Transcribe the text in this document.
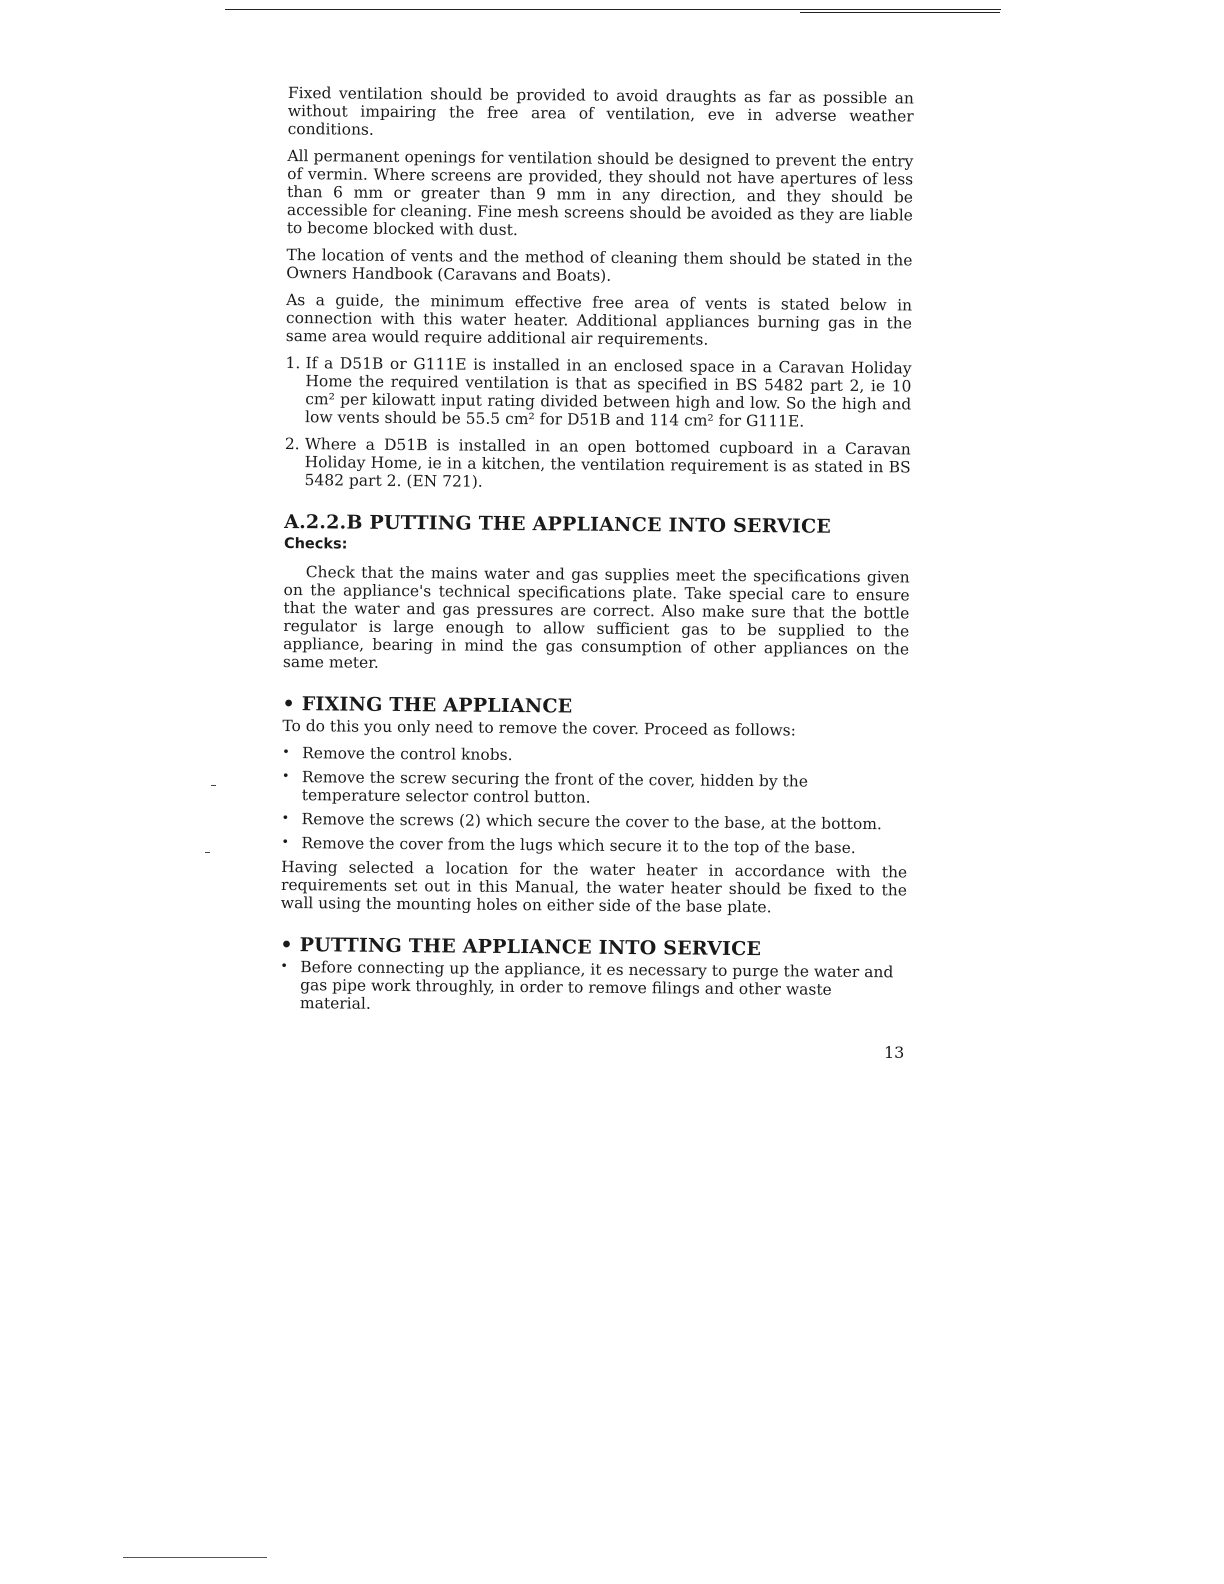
Fixed ventilation should be provided to avoid draughts as far as possible an without impairing the free area of ventilation, eve in adverse weather conditions.

All permanent openings for ventilation should be designed to prevent the entry of vermin. Where screens are provided, they should not have apertures of less than 6 mm or greater than 9 mm in any direction, and they should be accessible for cleaning. Fine mesh screens should be avoided as they are liable to become blocked with dust.

The location of vents and the method of cleaning them should be stated in the Owners Handbook (Caravans and Boats).

As a guide, the minimum effective free area of vents is stated below in connection with this water heater. Additional appliances burning gas in the same area would require additional air requirements.

1. If a D51B or G111E is installed in an enclosed space in a Caravan Holiday Home the required ventilation is that as specified in BS 5482 part 2, ie 10 cm² per kilowatt input rating divided between high and low. So the high and low vents should be 55.5 cm² for D51B and 114 cm² for G111E.
2. Where a D51B is installed in an open bottomed cupboard in a Caravan Holiday Home, ie in a kitchen, the ventilation requirement is as stated in BS 5482 part 2. (EN 721).
A.2.2.B PUTTING THE APPLIANCE INTO SERVICE
Checks:

Check that the mains water and gas supplies meet the specifications given on the appliance's technical specifications plate. Take special care to ensure that the water and gas pressures are correct. Also make sure that the bottle regulator is large enough to allow sufficient gas to be supplied to the appliance, bearing in mind the gas consumption of other appliances on the same meter.

• FIXING THE APPLIANCE

To do this you only need to remove the cover. Proceed as follows:

• Remove the control knobs.
• Remove the screw securing the front of the cover, hidden by the temperature selector control button.
• Remove the screws (2) which secure the cover to the base, at the bottom.
• Remove the cover from the lugs which secure it to the top of the base.

Having selected a location for the water heater in accordance with the requirements set out in this Manual, the water heater should be fixed to the wall using the mounting holes on either side of the base plate.

• PUTTING THE APPLIANCE INTO SERVICE
• Before connecting up the appliance, it es necessary to purge the water and gas pipe work throughly, in order to remove filings and other waste material.
13
